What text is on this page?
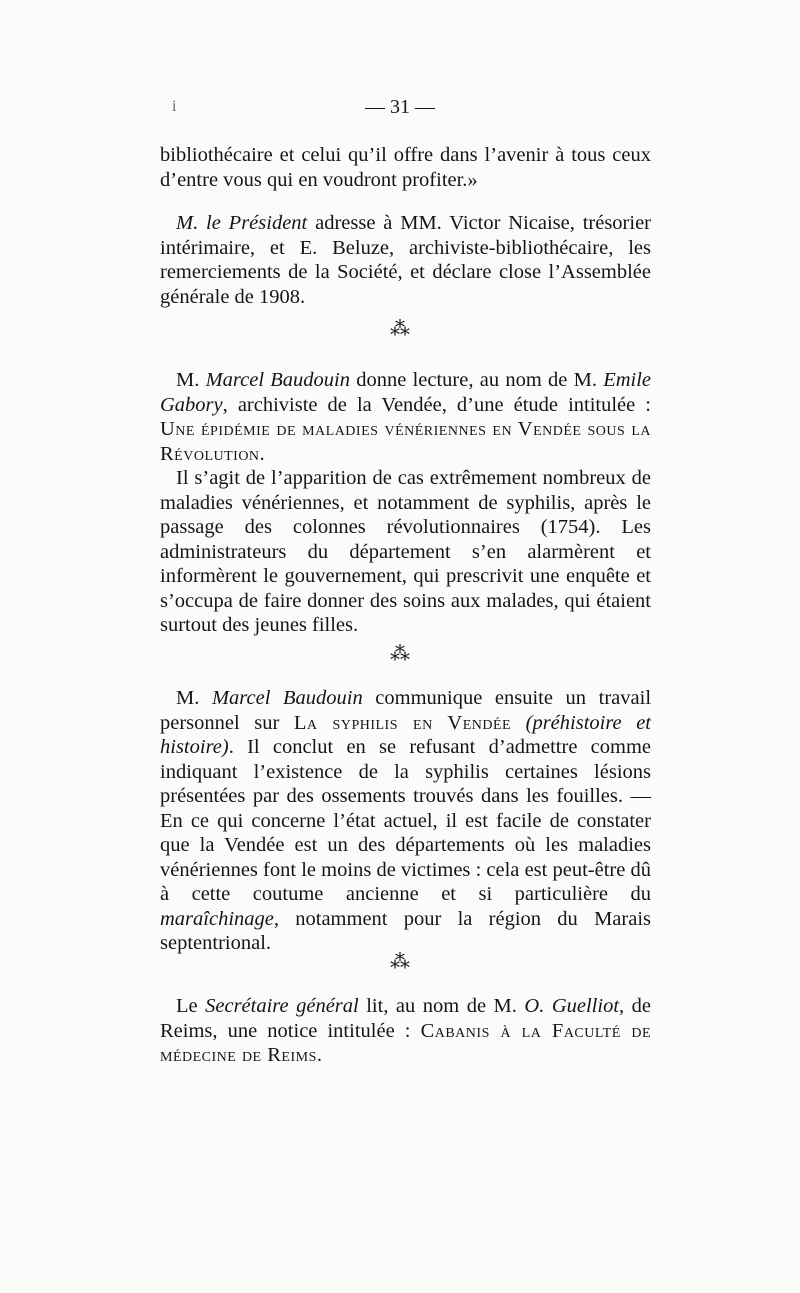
i	— 31 —
bibliothécaire et celui qu’il offre dans l’avenir à tous ceux d’entre vous qui en voudront profiter.»
M. le Président adresse à MM. Victor Nicaise, trésorier intérimaire, et E. Beluze, archiviste-bibliothécaire, les remerciements de la Société, et déclare close l’Assemblée générale de 1908.
⁂
M. Marcel Baudouin donne lecture, au nom de M. Emile Gabory, archiviste de la Vendée, d’une étude intitulée : Une épidémie de maladies vénériennes en Vendée sous la Révolution.
Il s’agit de l’apparition de cas extrêmement nombreux de maladies vénériennes, et notamment de syphilis, après le passage des colonnes révolutionnaires (1754). Les administrateurs du département s’en alarmèrent et informèrent le gouvernement, qui prescrivit une enquête et s’occupa de faire donner des soins aux malades, qui étaient surtout des jeunes filles.
⁂
M. Marcel Baudouin communique ensuite un travail personnel sur La syphilis en Vendée (préhistoire et histoire). Il conclut en se refusant d’admettre comme indiquant l’existence de la syphilis certaines lésions présentées par des ossements trouvés dans les fouilles. — En ce qui concerne l’état actuel, il est facile de constater que la Vendée est un des départements où les maladies vénériennes font le moins de victimes : cela est peut-être dû à cette coutume ancienne et si particulière du maraîchinage, notamment pour la région du Marais septentrional.
⁂
Le Secrétaire général lit, au nom de M. O. Guelliot, de Reims, une notice intitulée : Cabanis à la Faculté de médecine de Reims.
